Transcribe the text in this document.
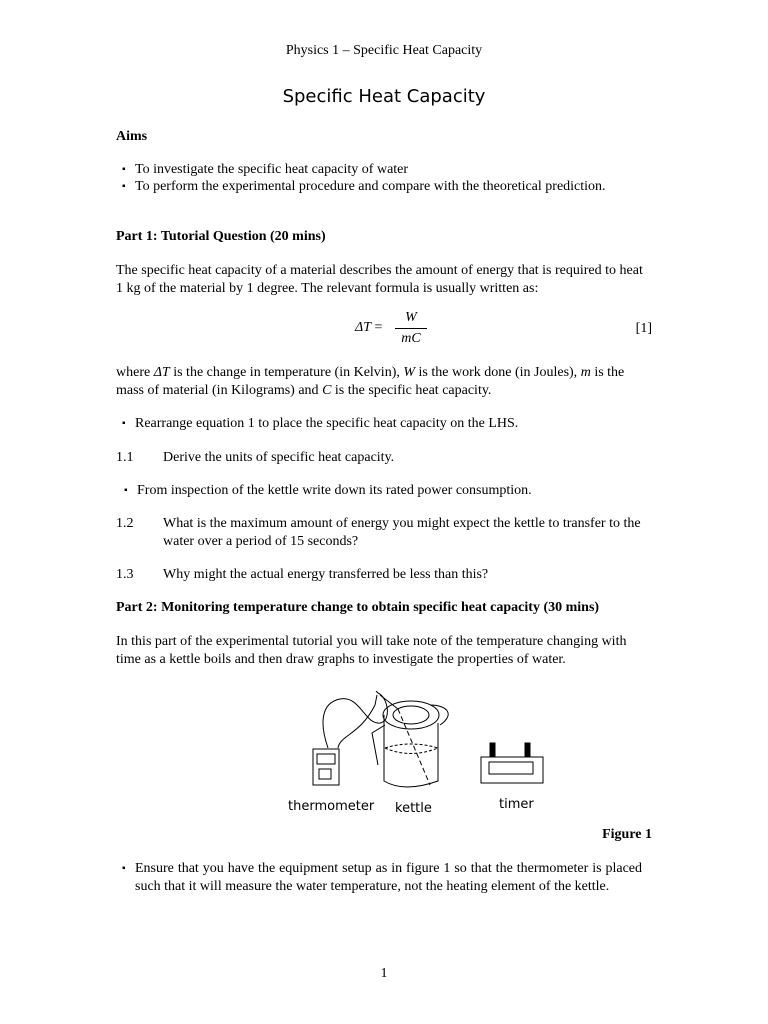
Physics 1 – Specific Heat Capacity
Specific Heat Capacity
Aims
▪ To investigate the specific heat capacity of water
▪ To perform the experimental procedure and compare with the theoretical prediction.
Part 1: Tutorial Question (20 mins)
The specific heat capacity of a material describes the amount of energy that is required to heat 1 kg of the material by 1 degree. The relevant formula is usually written as:
ΔT =
W
mC
[1]
where ΔT is the change in temperature (in Kelvin), W is the work done (in Joules), m is the mass of material (in Kilograms) and C is the specific heat capacity.
▪ Rearrange equation 1 to place the specific heat capacity on the LHS.
1.1	Derive the units of specific heat capacity.
▪ From inspection of the kettle write down its rated power consumption.
1.2	What is the maximum amount of energy you might expect the kettle to transfer to the water over a period of 15 seconds?
1.3	Why might the actual energy transferred be less than this?
Part 2: Monitoring temperature change to obtain specific heat capacity (30 mins)
In this part of the experimental tutorial you will take note of the temperature changing with time as a kettle boils and then draw graphs to investigate the properties of water.
thermometer kettle	timer
Figure 1
▪ Ensure that you have the equipment setup as in figure 1 so that the thermometer is placed such that it will measure the water temperature, not the heating element of the kettle.
1
